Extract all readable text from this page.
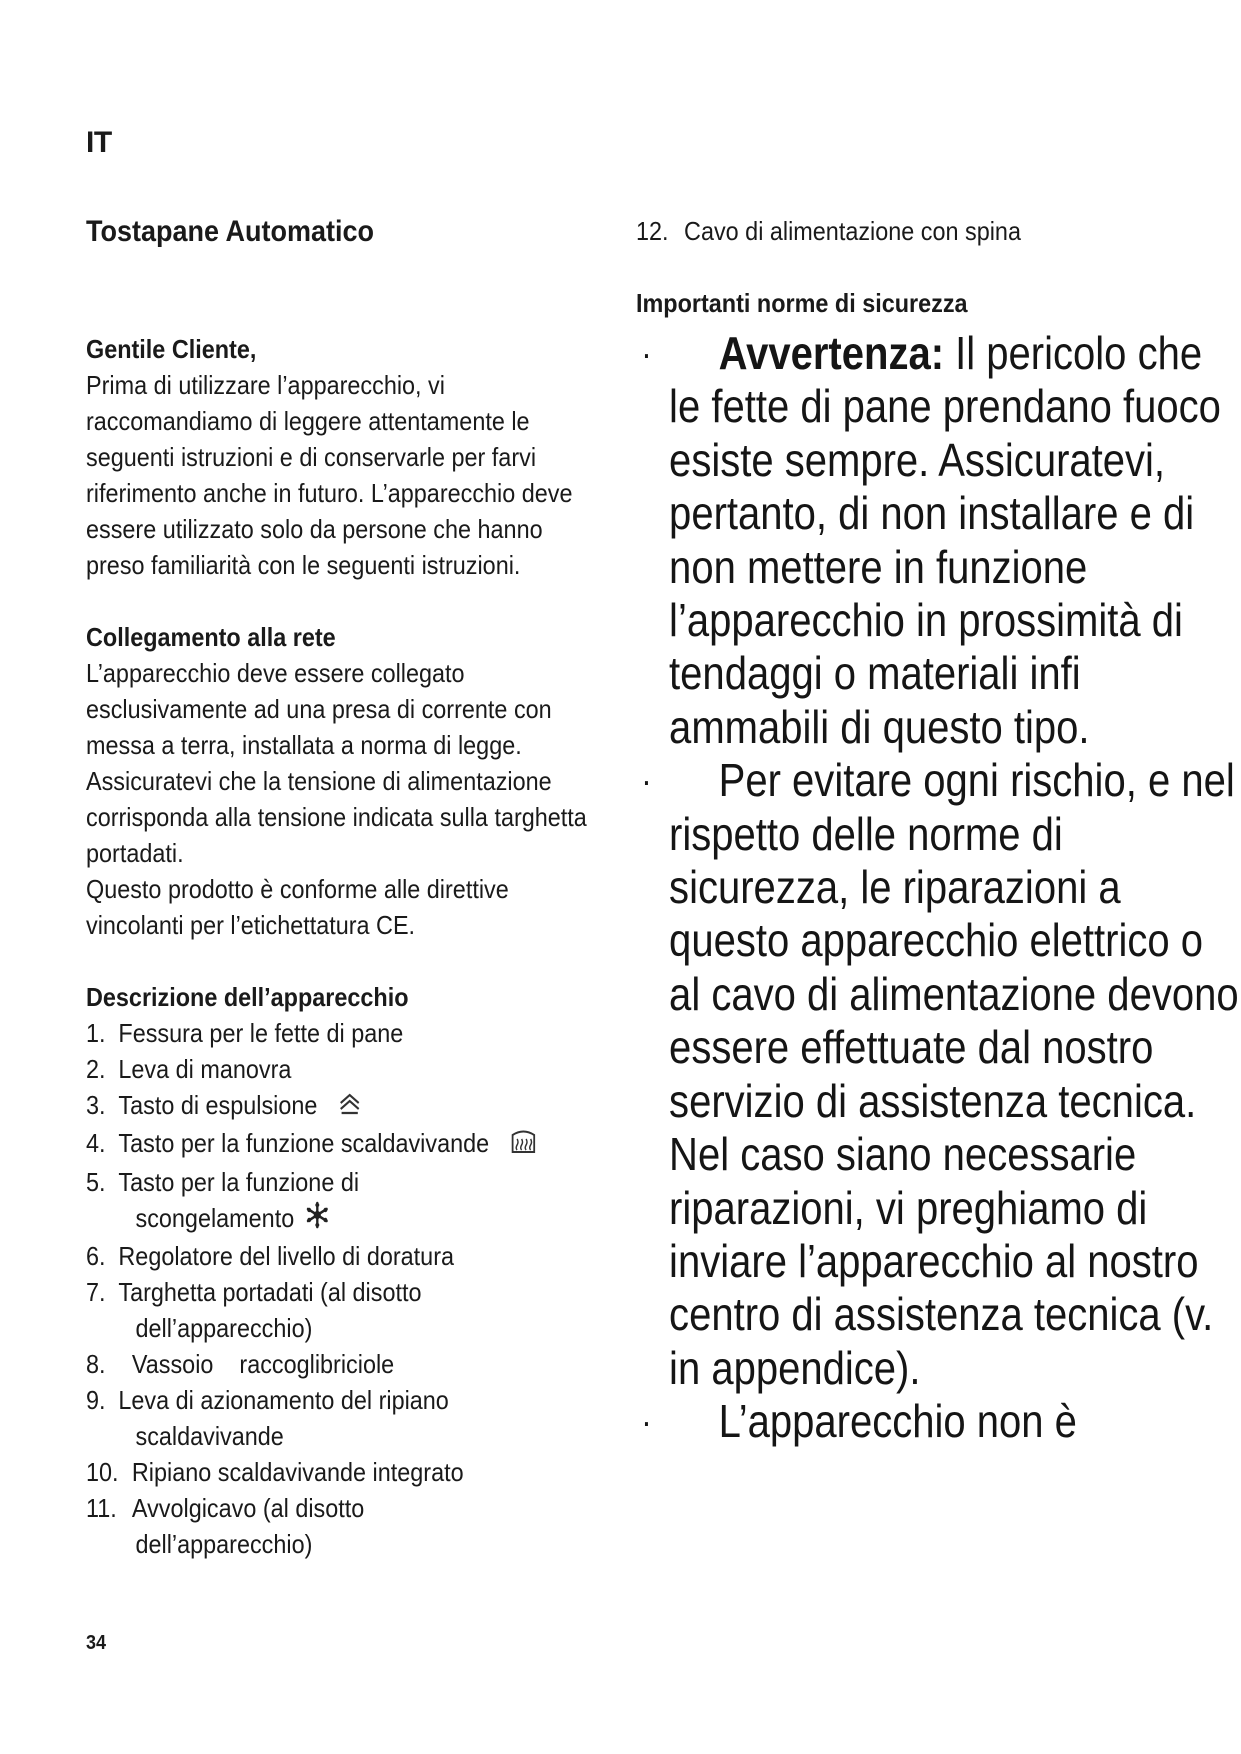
IT
Tostapane Automatico
Gentile Cliente,
Prima di utilizzare l’apparecchio, vi raccomandiamo di leggere attentamente le seguenti istruzioni e di conservarle per farvi riferimento anche in futuro. L’apparecchio deve essere utilizzato solo da persone che hanno preso familiarità con le seguenti istruzioni.
Collegamento alla rete
L’apparecchio deve essere collegato esclusivamente ad una presa di corrente con messa a terra, installata a norma di legge.
Assicuratevi che la tensione di alimentazione corrisponda alla tensione indicata sulla targhetta portadati.
Questo prodotto è conforme alle direttive vincolanti per l’etichettatura CE.
Descrizione dell’apparecchio
1. Fessura per le fette di pane
2. Leva di manovra
3. Tasto di espulsione
4. Tasto per la funzione scaldavivande
5. Tasto per la funzione di
scongelamento
6. Regolatore del livello di doratura
7. Targhetta portadati (al disotto
dell’apparecchio)
8.	Vassoio    raccoglibriciole
9. Leva di azionamento del ripiano
scaldavivande
10. Ripiano scaldavivande integrato
11. Avvolgicavo (al disotto
dell’apparecchio)
34
12. Cavo di alimentazione con spina
Importanti norme di sicurezza
· Avvertenza: Il pericolo che le fette di pane prendano fuoco esiste sempre. Assicuratevi, pertanto, di non installare e di non mettere in funzione l’apparecchio in prossimità di tendaggi o materiali infi ammabili di questo tipo.
· Per evitare ogni rischio, e nel rispetto delle norme di sicurezza, le riparazioni a questo apparecchio elettrico o al cavo di alimentazione devono essere effettuate dal nostro servizio di assistenza tecnica. Nel caso siano necessarie riparazioni, vi preghiamo di inviare l’apparecchio al nostro centro di assistenza tecnica (v. in appendice).
· L’apparecchio non è
